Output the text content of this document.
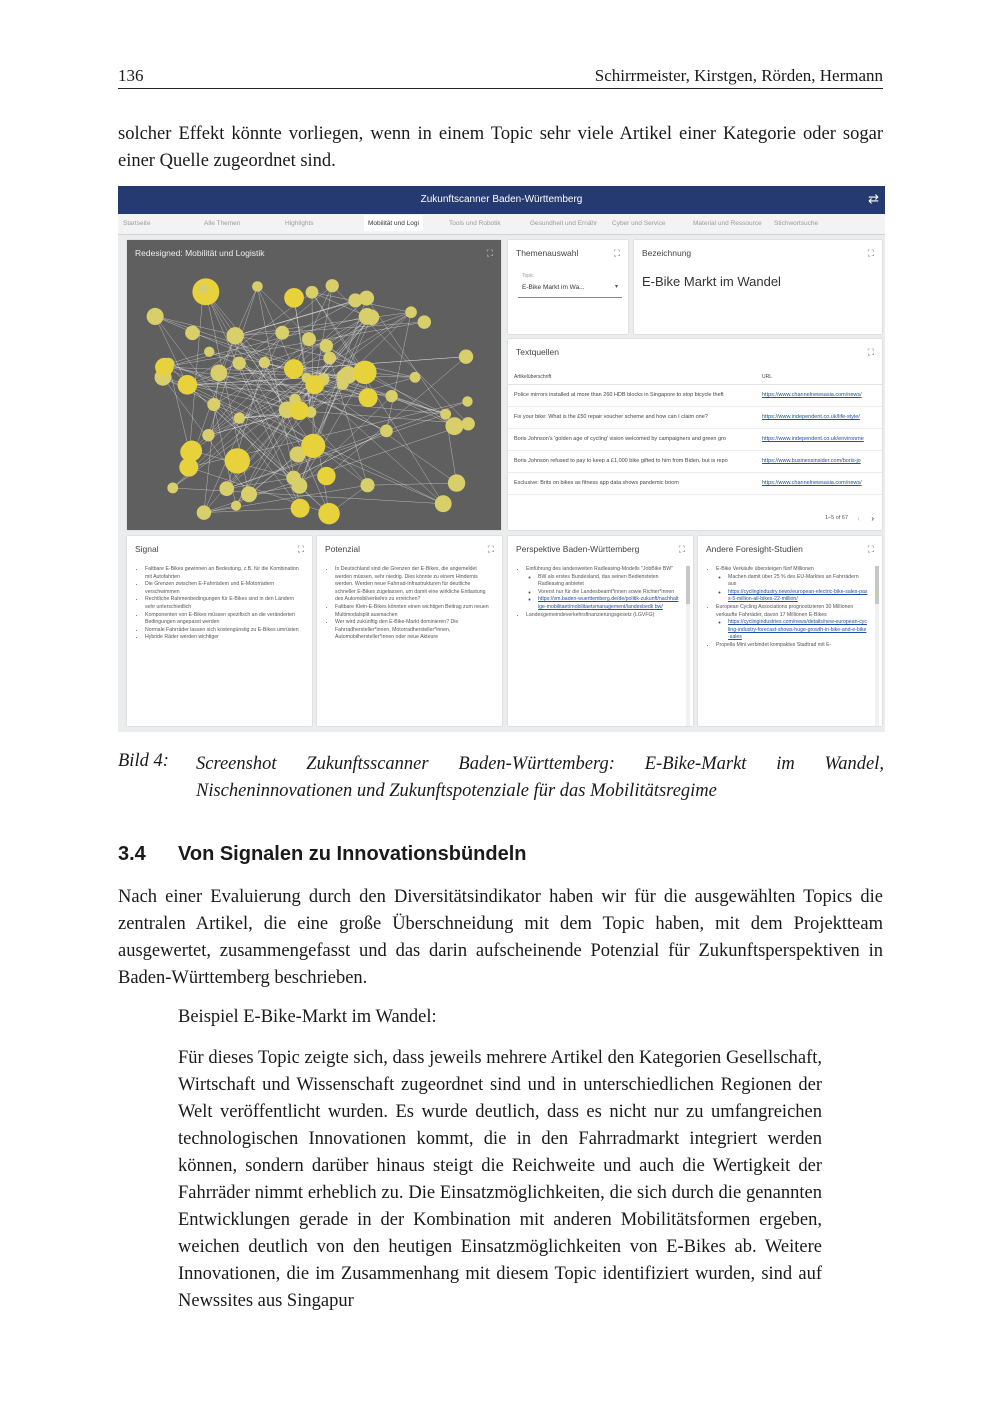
136	Schirrmeister, Kirstgen, Rörden, Hermann
solcher Effekt könnte vorliegen, wenn in einem Topic sehr viele Artikel einer Kategorie oder sogar einer Quelle zugeordnet sind.
Zukunftscanner Baden-Württemberg	⇄
Startseite	Alle Themen	Highlights	Mobilität und Logi	Tools und Robotik	Gesundheit und Ernähr Cyber und Service	Material und Ressource Stichwortsuche
Redesigned: Mobilität und Logistik	⛶	Themenauswahl	⛶
Topic
E-Bike Markt im Wa...	▾
Bezeichnung	⛶
E-Bike Markt im Wandel
Textquellen	⛶
Artikelüberschrift	URL
Police mirrors installed at more than 260 HDB blocks in Singapore to stop bicycle theft	https://www.channelnewsasia.com/news/
Fix your bike: What is the £50 repair voucher scheme and how can I claim one?	https://www.independent.co.uk/life-style/
Boris Johnson's 'golden age of cycling' vision welcomed by campaigners and green gro	https://www.independent.co.uk/environme
Boris Johnson refused to pay to keep a £1,000 bike gifted to him from Biden, but is repo	https://www.businessinsider.com/boris-jo
Exclusive: Brits on bikes as fitness app data shows pandemic boom	https://www.channelnewsasia.com/news/
1–5 of 67 ‹ ›
Signal	⛶
• Faltbare E-Bikes gewinnen an Bedeutung, z.B. für die Kombination mit Autofahrten
• Die Grenzen zwischen E-Fahrrädern und E-Motorrädern verschwimmen
• Rechtliche Rahmenbedingungen für E-Bikes sind in den Ländern sehr unterschiedlich
• Komponenten von E-Bikes müssen spezifisch an die veränderten Bedingungen angepasst werden
• Normale Fahrräder lassen sich kostengünstig zu E-Bikes umrüsten
• Hybride Räder werden wichtiger
Potenzial	⛶
• In Deutschland sind die Grenzen der E-Bikes, die angemeldet werden müssen, sehr niedrig. Dies könnte zu einem Hindernis werden. Werden neue Fahrrad-Infrastrukturen für deutliche schneller E-Bikes zugelassen, um damit eine wirkliche Entlastung des Automobilverkehrs zu erreichen?
• Faltbare Klein-E-Bikes könnten einen wichtigen Beitrag zum neuen Multimodalsplit ausmachen
• Wer wird zukünftig den E-Bike-Markt dominieren? Die Fahrradhersteller*innen, Motorradhersteller*innen, Automobilhersteller*innen oder neue Akteure
Perspektive Baden-Württemberg	⛶
• Einführung des landesweiten Radleasing-Modells "JobBike BW"
◦ BW als erstes Bundesland, das seinen Bediensteten Radleasing anbietet
◦ Vorerst nur für die Landesbeamt*innen sowie Richter*innen
◦ https://vm.baden-wuerttemberg.de/de/politik-zukunft/nachhaltige-mobilitaet/mobilitaetsmanagement/landesbedk bw/
• Landesgemeindeverkehrsfinanzierungsgesetz (LGVFG)
Andere Foresight-Studien	⛶
• E-Bike Verkäufe übersteigen fünf Millionen
◦ Machen damit über 25 % des EU-Marktes an Fahrrädern aus
◦ https://cyclingindustry.news/european-electric-bike-sales-pass-5-million-all-bikes-22-million/
• European Cycling Associations prognostizieren 30 Millionen verkaufte Fahrräder, davon 17 Millionen E-Bikes
◦ https://cyclingindustries.com/news/details/new-european-cycling-industry-forecast-shows-huge-growth-in-bike-and-e-bike-sales
• Propella Mini verbindet kompaktes Stadtrad mit E-
Bild 4: Screenshot Zukunftsscanner Baden-Württemberg: E-Bike-Markt im Wandel, Nischeninnovationen und Zukunftspotenziale für das Mobilitätsregime
3.4 Von Signalen zu Innovationsbündeln
Nach einer Evaluierung durch den Diversitätsindikator haben wir für die ausgewählten Topics die zentralen Artikel, die eine große Überschneidung mit dem Topic haben, mit dem Projektteam ausgewertet, zusammengefasst und das darin aufscheinende Potenzial für Zukunftsperspektiven in Baden-Württemberg beschrieben.
Beispiel E-Bike-Markt im Wandel:
Für dieses Topic zeigte sich, dass jeweils mehrere Artikel den Kategorien Gesellschaft, Wirtschaft und Wissenschaft zugeordnet sind und in unterschiedlichen Regionen der Welt veröffentlicht wurden. Es wurde deutlich, dass es nicht nur zu umfangreichen technologischen Innovationen kommt, die in den Fahrradmarkt integriert werden können, sondern darüber hinaus steigt die Reichweite und auch die Wertigkeit der Fahrräder nimmt erheblich zu. Die Einsatzmöglichkeiten, die sich durch die genannten Entwicklungen gerade in der Kombination mit anderen Mobilitätsformen ergeben, weichen deutlich von den heutigen Einsatzmöglichkeiten von E-Bikes ab. Weitere Innovationen, die im Zusammenhang mit diesem Topic identifiziert wurden, sind auf Newssites aus Singapur
